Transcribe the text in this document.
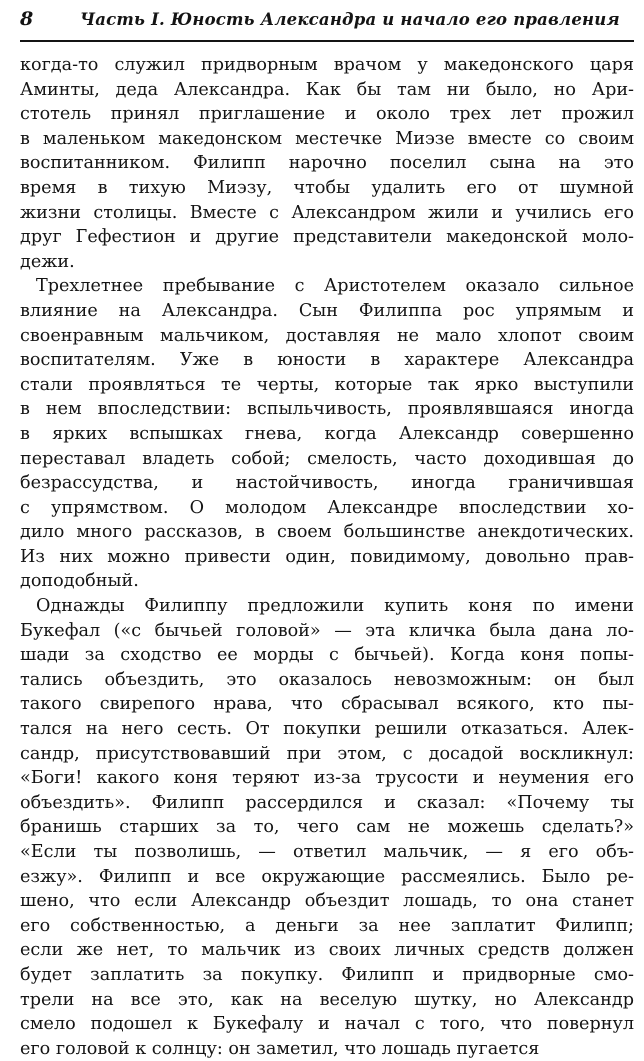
8	Часть I. Юность Александра и начало его правления
когда-то служил придворным врачом у македонского царя
Аминты, деда Александра. Как бы там ни было, но Ари-
стотель принял приглашение и около трех лет прожил
в маленьком македонском местечке Миэзе вместе со своим
воспитанником. Филипп нарочно поселил сына на это
время в тихую Миэзу, чтобы удалить его от шумной
жизни столицы. Вместе с Александром жили и учились его
друг Гефестион и другие представители македонской моло-
дежи.
Трехлетнее пребывание с Аристотелем оказало сильное
влияние на Александра. Сын Филиппа рос упрямым и
своенравным мальчиком, доставляя не мало хлопот своим
воспитателям. Уже в юности в характере Александра
стали проявляться те черты, которые так ярко выступили
в нем впоследствии: вспыльчивость, проявлявшаяся иногда
в ярких вспышках гнева, когда Александр совершенно
переставал владеть собой; смелость, часто доходившая до
безрассудства, и настойчивость, иногда граничившая
с упрямством. О молодом Александре впоследствии хо-
дило много рассказов, в своем большинстве анекдотических.
Из них можно привести один, повидимому, довольно прав-
доподобный.
Однажды Филиппу предложили купить коня по имени
Букефал («с бычьей головой» — эта кличка была дана ло-
шади за сходство ее морды с бычьей). Когда коня попы-
тались объездить, это оказалось невозможным: он был
такого свирепого нрава, что сбрасывал всякого, кто пы-
тался на него сесть. От покупки решили отказаться. Алек-
сандр, присутствовавший при этом, с досадой воскликнул:
«Боги! какого коня теряют из-за трусости и неумения его
объездить». Филипп рассердился и сказал: «Почему ты
бранишь старших за то, чего сам не можешь сделать?»
«Если ты позволишь, — ответил мальчик, — я его объ-
езжу». Филипп и все окружающие рассмеялись. Было ре-
шено, что если Александр объездит лошадь, то она станет
его собственностью, а деньги за нее заплатит Филипп;
если же нет, то мальчик из своих личных средств должен
будет заплатить за покупку. Филипп и придворные смо-
трели на все это, как на веселую шутку, но Александр
смело подошел к Букефалу и начал с того, что повернул
его головой к солнцу: он заметил, что лошадь пугается
